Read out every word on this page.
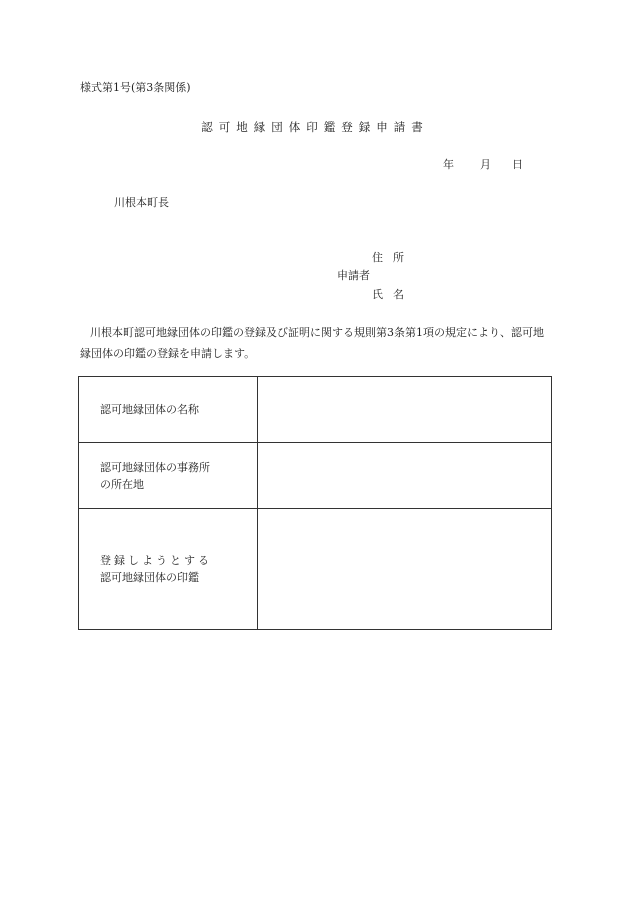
様式第1号(第3条関係)
認可地縁団体印鑑登録申請書
年 月 日
川根本町長
住所
申請者
氏名
川根本町認可地縁団体の印鑑の登録及び証明に関する規則第3条第1項の規定により、認可地縁団体の印鑑の登録を申請します。
認可地縁団体の名称	

認可地縁団体の事務所
の所在地	

登録しようとする
認可地縁団体の印鑑	
